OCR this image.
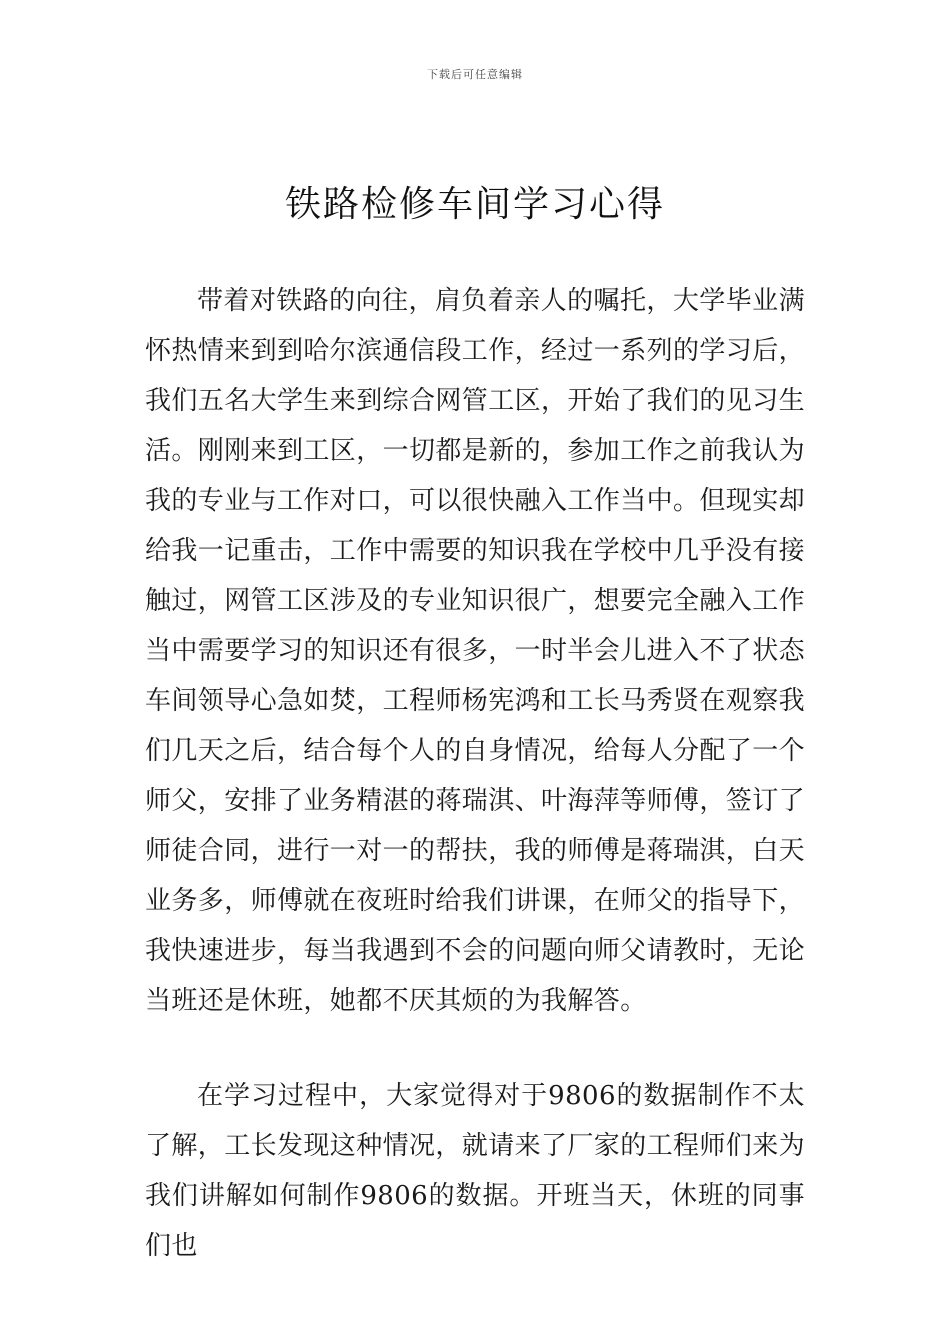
下载后可任意编辑
铁路检修车间学习心得

带着对铁路的向往，肩负着亲人的嘱托，大学毕业满怀热情来到到哈尔滨通信段工作，经过一系列的学习后，我们五名大学生来到综合网管工区，开始了我们的见习生活。刚刚来到工区，一切都是新的，参加工作之前我认为我的专业与工作对口，可以很快融入工作当中。但现实却给我一记重击，工作中需要的知识我在学校中几乎没有接触过，网管工区涉及的专业知识很广，想要完全融入工作当中需要学习的知识还有很多，一时半会儿进入不了状态车间领导心急如焚，工程师杨宪鸿和工长马秀贤在观察我们几天之后，结合每个人的自身情况，给每人分配了一个师父，安排了业务精湛的蒋瑞淇、叶海萍等师傅，签订了师徒合同，进行一对一的帮扶，我的师傅是蒋瑞淇，白天业务多，师傅就在夜班时给我们讲课，在师父的指导下，我快速进步，每当我遇到不会的问题向师父请教时，无论当班还是休班，她都不厌其烦的为我解答。

在学习过程中，大家觉得对于9806的数据制作不太了解，工长发现这种情况，就请来了厂家的工程师们来为我们讲解如何制作9806的数据。开班当天，休班的同事们也
